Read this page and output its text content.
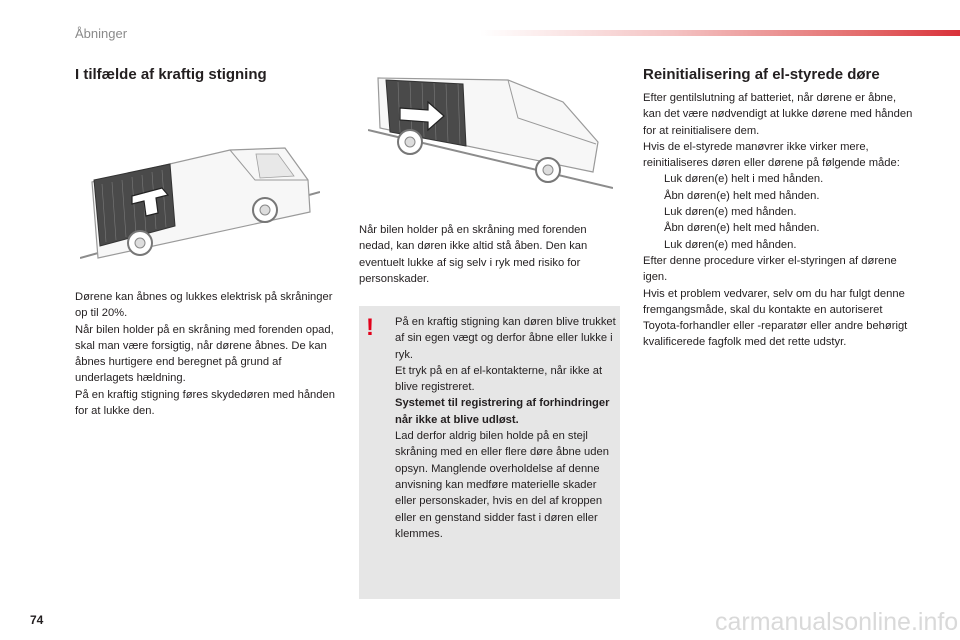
Åbninger
I tilfælde af kraftig stigning

Dørene kan åbnes og lukkes elektrisk på skråninger op til 20%.

Når bilen holder på en skråning med forenden opad, skal man være forsigtig, når dørene åbnes. De kan åbnes hurtigere end beregnet på grund af underlagets hældning.

På en kraftig stigning føres skydedøren med hånden for at lukke den.

Når bilen holder på en skråning med forenden nedad, kan døren ikke altid stå åben. Den kan eventuelt lukke af sig selv i ryk med risiko for personskader.

! På en kraftig stigning kan døren blive trukket af sin egen vægt og derfor åbne eller lukke i ryk.

Et tryk på en af el-kontakterne, når ikke at blive registreret.

Systemet til registrering af forhindringer når ikke at blive udløst.

Lad derfor aldrig bilen holde på en stejl skråning med en eller flere døre åbne uden opsyn. Manglende overholdelse af denne anvisning kan medføre materielle skader eller personskader, hvis en del af kroppen eller en genstand sidder fast i døren eller klemmes.

Reinitialisering af el-styrede døre

Efter gentilslutning af batteriet, når dørene er åbne, kan det være nødvendigt at lukke dørene med hånden for at reinitialisere dem.

Hvis de el-styrede manøvrer ikke virker mere, reinitialiseres døren eller dørene på følgende måde:

Luk døren(e) helt i med hånden.
Åbn døren(e) helt med hånden.
Luk døren(e) med hånden.
Åbn døren(e) helt med hånden.
Luk døren(e) med hånden.

Efter denne procedure virker el-styringen af dørene igen.

Hvis et problem vedvarer, selv om du har fulgt denne fremgangsmåde, skal du kontakte en autoriseret Toyota-forhandler eller -reparatør eller andre behørigt kvalificerede fagfolk med det rette udstyr.

74	carmanualsonline.info
